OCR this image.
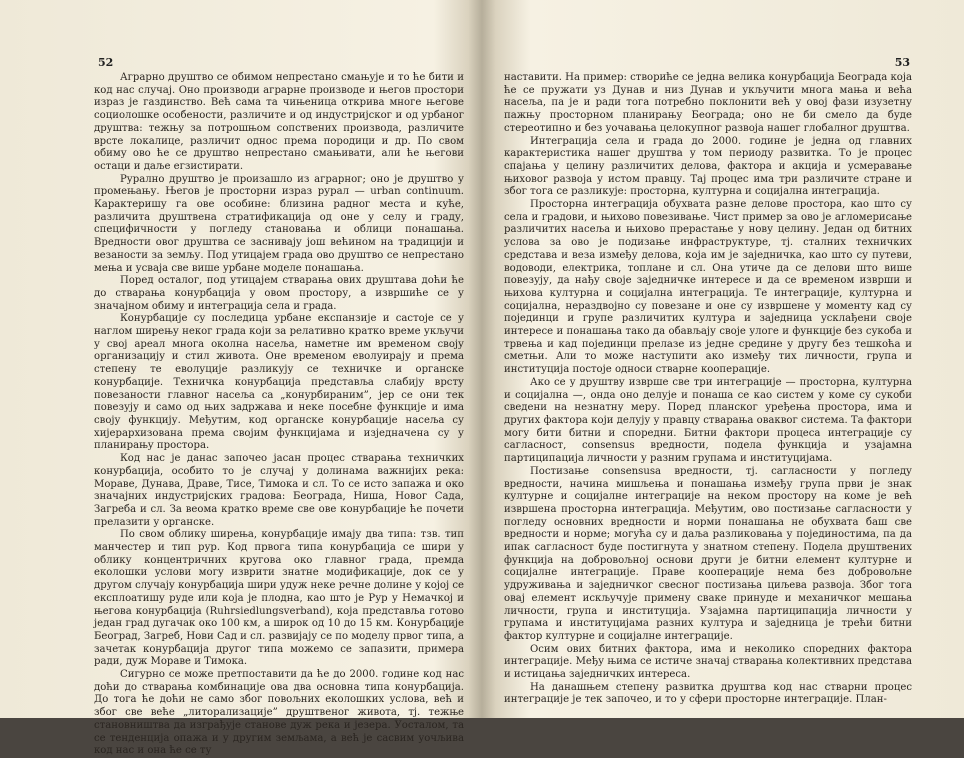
52

Аграрно друштво се обимом непрестано смањује и то ће бити и код нас случај. Оно производи аграрне производе и његов простори израз је газдинство. Већ сама та чињеница открива многе његове социолошке особености, различите и од индустријског и од урбаног друштва: тежњу за потрошњом сопствених производа, различите врсте локалице, различит однос према породици и др. По свом обиму ово ће се друштво непрестано смањивати, али ће његови остаци и даље егзистирати.

Рурално друштво је произашло из аграрног; оно је друштво у промењању. Његов је просторни израз рурал — urban continuum. Карактеришу га ове особине: близина радног места и куће, различита друштвена стратификација од оне у селу и граду, специфичности у погледу становања и облици понашања. Вредности овог друштва се заснивају још већином на традицији и везаности за земљу. Под утицајем града ово друштво се непрестано мења и усваја све више урбане моделе понашања.

Поред осталог, под утицајем стварања ових друштава доћи ће до стварања конурбација у овом простору, а извршиће се у значајном обиму и интеграција села и града.

Конурбације су последица урбане експанзије и састоје се у наглом ширењу неког града који за релативно кратко време укључи у свој ареал многа околна насеља, наметне им временом своју организацију и стил живота. Оне временом еволуирају и према степену те еволуције разликују се техничке и органске конурбације. Техничка конурбација представља слабију врсту повезаности главног насеља са „конурбираним”, јер се они тек повезују и само од њих задржава и неке посебне функције и има своју функцију. Међутим, код органске конурбације насеља су хијерархизована према својим функцијама и изједначена су у планирању простора.

Код нас је данас започео јасан процес стварања техничких конурбација, особито то је случај у долинама важнијих река: Мораве, Дунава, Драве, Тисе, Тимока и сл. То се исто запажа и око значајних индустријских градова: Београда, Ниша, Новог Сада, Загреба и сл. За веома кратко време све ове конурбације ће почети прелазити у органске.

По свом облику ширења, конурбације имају два типа: тзв. тип манчестер и тип рур. Код првога типа конурбација се шири у облику концентричних кругова око главног града, премда еколошки услови могу изврити знатне модификације, док се у другом случају конурбација шири удуж неке речне долине у којој се експлоатишу руде или која је плодна, као што је Рур у Немачкој и његова конурбација (Ruhrsiedlungsverband), која представља готово један град дугачак око 100 км, а широк од 10 до 15 км. Конурбације Београд, Загреб, Нови Сад и сл. развијају се по моделу првог типа, а зачетак конурбација другог типа можемо се запазити, примера ради, дуж Мораве и Тимока.

Сигурно се може претпоставити да ће до 2000. године код нас доћи до стварања комбинације ова два основна типа конурбација. До тога ће доћи не само због повољних еколошких услова, већ и због све веће „литорализације” друштвеног живота, тј. тежње становништва да изграђује станове дуж река и језера. Уосталом, та се тенденција опажа и у другим земљама, а већ је сасвим уочљива код нас и она ће се ту

53

наставити. На пример: створиће се једна велика конурбација Београда која ће се пружати уз Дунав и низ Дунав и укључити многа мања и већа насеља, па је и ради тога потребно поклонити већ у овој фази изузетну пажњу просторном планирању Београда; оно не би смело да буде стереотипно и без уочавања целокупног развоја нашег глобалног друштва.

Интеграција села и града до 2000. године је једна од главних карактеристика нашег друштва у том периоду развитка. То је процес спајања у целину различитих делова, фактора и акција и усмеравање њиховог развоја у истом правцу. Тај процес има три различите стране и због тога се разликује: просторна, културна и социјална интеграција.

Просторна интеграција обухвата разне делове простора, као што су села и градови, и њихово повезивање. Чист пример за ово је агломерисање различитих насеља и њихово прерастање у нову целину. Један од битних услова за ово је подизање инфраструктуре, тј. сталних техничких средстава и веза између делова, која им је заједничка, као што су путеви, водоводи, електрика, топлане и сл. Она утиче да се делови што више повезују, да нађу своје заједничке интересе и да се временом изврши и њихова културна и социјална интеграција. Те интеграције, културна и социјална, нераздвојно су повезане и оне су извршене у моменту кад су појединци и групе различитих култура и заједница усклађени своје интересе и понашања тако да обављају своје улоге и функције без сукоба и трвења и кад појединци прелазе из једне средине у другу без тешкоћа и сметњи. Али то може наступити ако између тих личности, група и институција постоје односи стварне кооперације.

Ако се у друштву изврше све три интеграције — просторна, културна и социјална —, онда оно делује и понаша се као систем у коме су сукоби сведени на незнатну меру. Поред планског уређења простора, има и других фактора који делују у правцу стварања оваквог система. Та фактори могу бити битни и споредни. Битни фактори процеса интеграције су сагласност, consensus вредности, подела функција и узајамна партиципација личности у разним групама и институцијама.

Постизање consensusa вредности, тј. сагласности у погледу вредности, начина мишљења и понашања између група први је знак културне и социјалне интеграције на неком простору на коме је већ извршена просторна интеграција. Међутим, ово постизање сагласности у погледу основних вредности и норми понашања не обухвата баш све вредности и норме; могућа су и даља разликовања у појединостима, па да ипак сагласност буде постигнута у знатном степену. Подела друштвених функција на добровољној основи други је битни елемент културне и социјалне интеграције. Праве кооперације нема без добровољне удруживања и заједничког свесног постизања циљева развоја. Због тога овај елемент искључује примену сваке принуде и механичког мешања личности, група и институција. Узајамна партиципација личности у групама и институцијама разних култура и заједница је трећи битни фактор културне и социјалне интеграције.

Осим ових битних фактора, има и неколико споредних фактора интеграције. Међу њима се истиче значај стварања колективних представа и истицања заједничких интереса.

На данашњем степену развитка друштва код нас стварни процес интеграције је тек започео, и то у сфери просторне интеграције. План-
